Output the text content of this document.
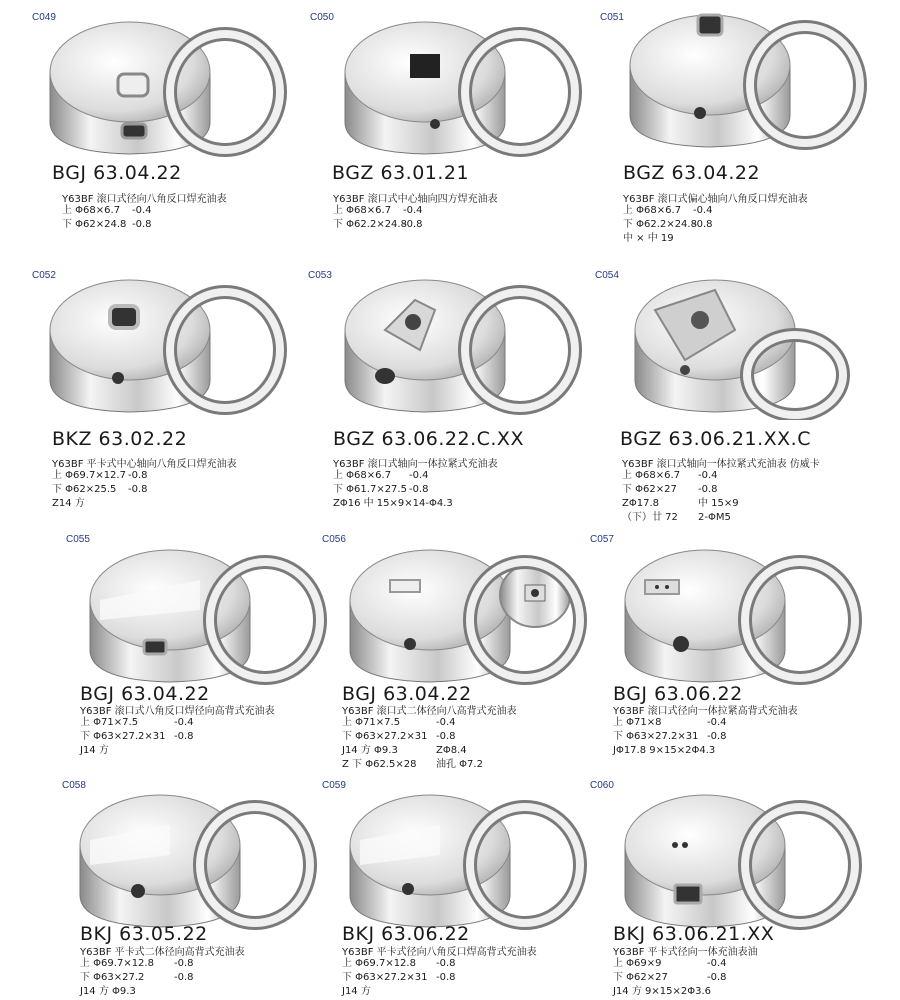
C049
BGJ 63.04.22
Y63BF 滚口式径向八角反口焊充油表
上 Φ68×6.7 -0.4
下 Φ62×24.8 -0.8
C050
BGZ 63.01.21
Y63BF 滚口式中心轴向四方焊充油表
上 Φ68×6.7 -0.4
下 Φ62.2×24.8-0.8
C051
BGZ 63.04.22
Y63BF 滚口式偏心轴向八角反口焊充油表
上 Φ68×6.7 -0.4
下 Φ62.2×24.8-0.8
中 × 中 19
C052
BKZ 63.02.22
Y63BF 平卡式中心轴向八角反口焊充油表
上 Φ69.7×12.7 -0.8
下 Φ62×25.5 -0.8
Z14 方
C053
BGZ 63.06.22.C.XX
Y63BF 滚口式轴向一体拉紧式充油表
上 Φ68×6.7 -0.4
下 Φ61.7×27.5 -0.8
ZΦ16 中 15×9×14-Φ4.3
C054
BGZ 63.06.21.XX.C
Y63BF 滚口式轴向一体拉紧式充油表 仿威卡
上 Φ68×6.7 -0.4
下 Φ62×27 -0.8
ZΦ17.8	中 15×9
（下）廿 72 2-ΦM5
C055
BGJ 63.04.22
Y63BF 滚口式八角反口焊径向高背式充油表
上 Φ71×7.5	-0.4
下 Φ63×27.2×31 -0.8
J14 方
C056
BGJ 63.04.22
Y63BF 滚口式二体径向八高背式充油表
上 Φ71×7.5	-0.4
下 Φ63×27.2×31 -0.8
J14 方 Φ9.3	ZΦ8.4
Z 下 Φ62.5×28 油孔 Φ7.2
C057
BGJ 63.06.22
Y63BF 滚口式径向一体拉紧高背式充油表
上 Φ71×8	-0.4
下 Φ63×27.2×31 -0.8
JΦ17.8 9×15×2Φ4.3
C058
BKJ 63.05.22
Y63BF 平卡式二体径向高背式充油表
上 Φ69.7×12.8 -0.8
下 Φ63×27.2	-0.8
J14 方 Φ9.3
C059
BKJ 63.06.22
Y63BF 平卡式径向八角反口焊高背式充油表
上 Φ69.7×12.8 -0.8
下 Φ63×27.2×31 -0.8
J14 方
C060
BKJ 63.06.21.XX
Y63BF 平卡式径向一体充油表油
上 Φ69×9	-0.4
下 Φ62×27	-0.8
J14 方 9×15×2Φ3.6
